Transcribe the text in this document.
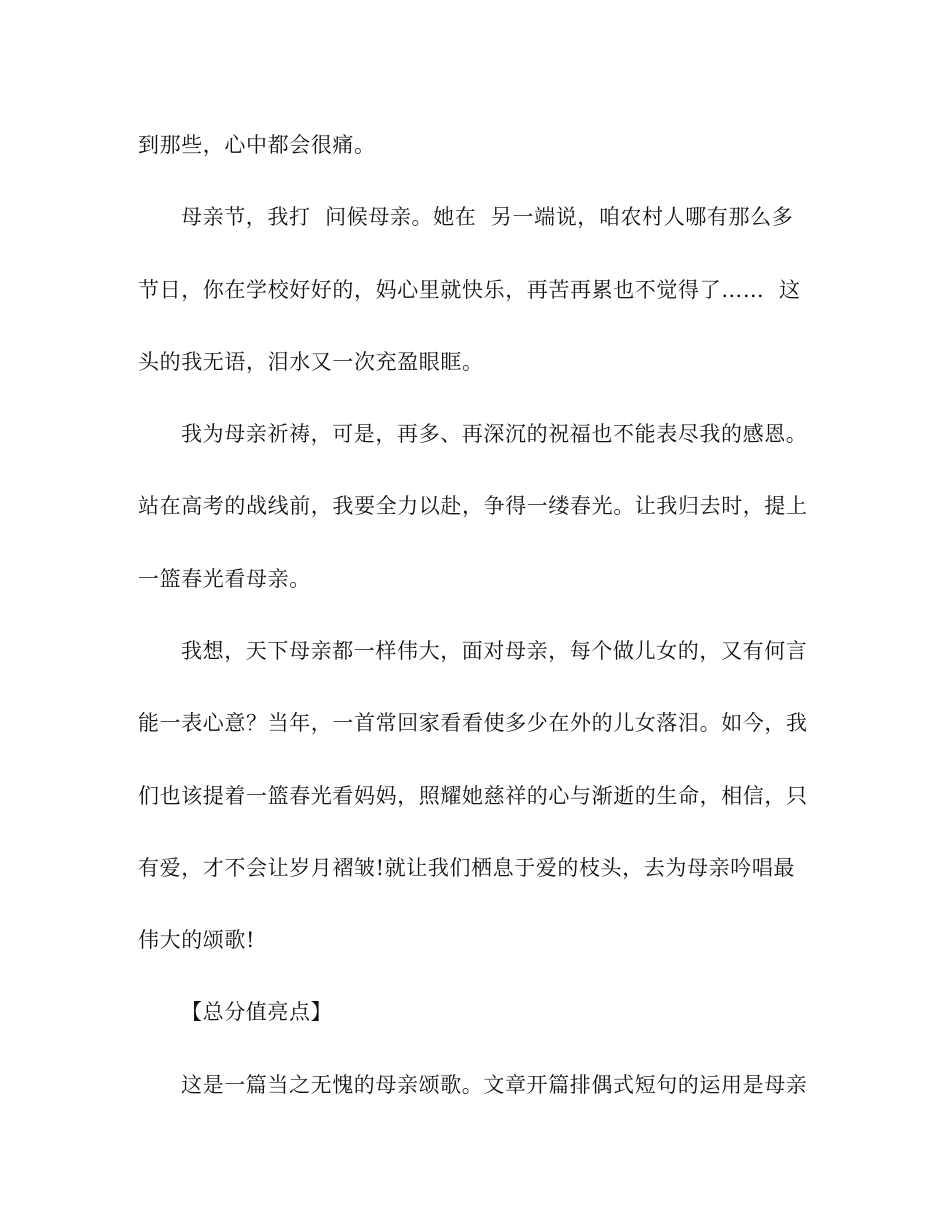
到那些，心中都会很痛。
母亲节，我打  问候母亲。她在  另一端说，咱农村人哪有那么多
节日，你在学校好好的，妈心里就快乐，再苦再累也不觉得了……  这
头的我无语，泪水又一次充盈眼眶。
我为母亲祈祷，可是，再多、再深沉的祝福也不能表尽我的感恩。
站在高考的战线前，我要全力以赴，争得一缕春光。让我归去时，提上
一篮春光看母亲。
我想，天下母亲都一样伟大，面对母亲，每个做儿女的，又有何言
能一表心意？当年，一首常回家看看使多少在外的儿女落泪。如今，我
们也该提着一篮春光看妈妈，照耀她慈祥的心与渐逝的生命，相信，只
有爱，才不会让岁月褶皱!就让我们栖息于爱的枝头，去为母亲吟唱最
伟大的颂歌!
【总分值亮点】
这是一篇当之无愧的母亲颂歌。文章开篇排偶式短句的运用是母亲
